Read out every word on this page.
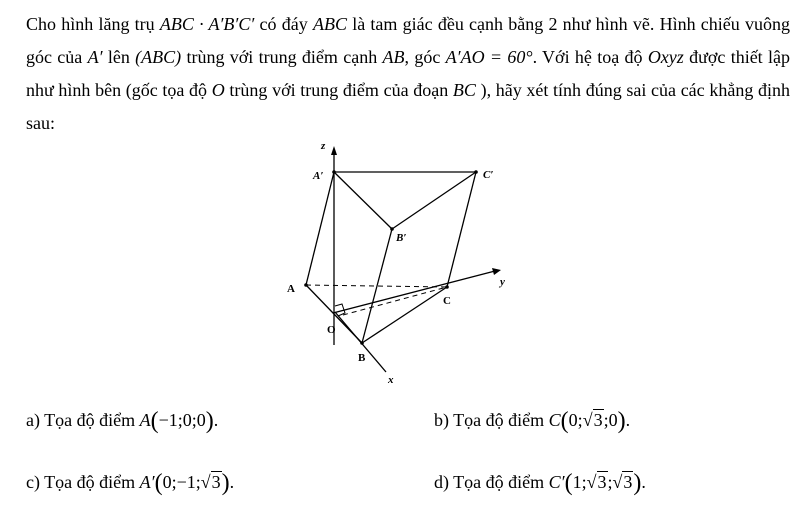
Cho hình lăng trụ ABC · A′B′C′ có đáy ABC là tam giác đều cạnh bằng 2 như hình vẽ. Hình chiếu vuông góc của A′ lên (ABC) trùng với trung điểm cạnh AB, góc A′AO = 60°. Với hệ toạ độ Oxyz được thiết lập như hình bên (gốc tọa độ O trùng với trung điểm của đoạn BC ), hãy xét tính đúng sai của các khẳng định sau:
z
y
x
A′	C′
B′
A
C
B
O
a) Tọa độ điểm A(−1;0;0).	b) Tọa độ điểm C(0;√3;0).
c) Tọa độ điểm A′(0;−1;√3).	d) Tọa độ điểm C′(1;√3;√3).
